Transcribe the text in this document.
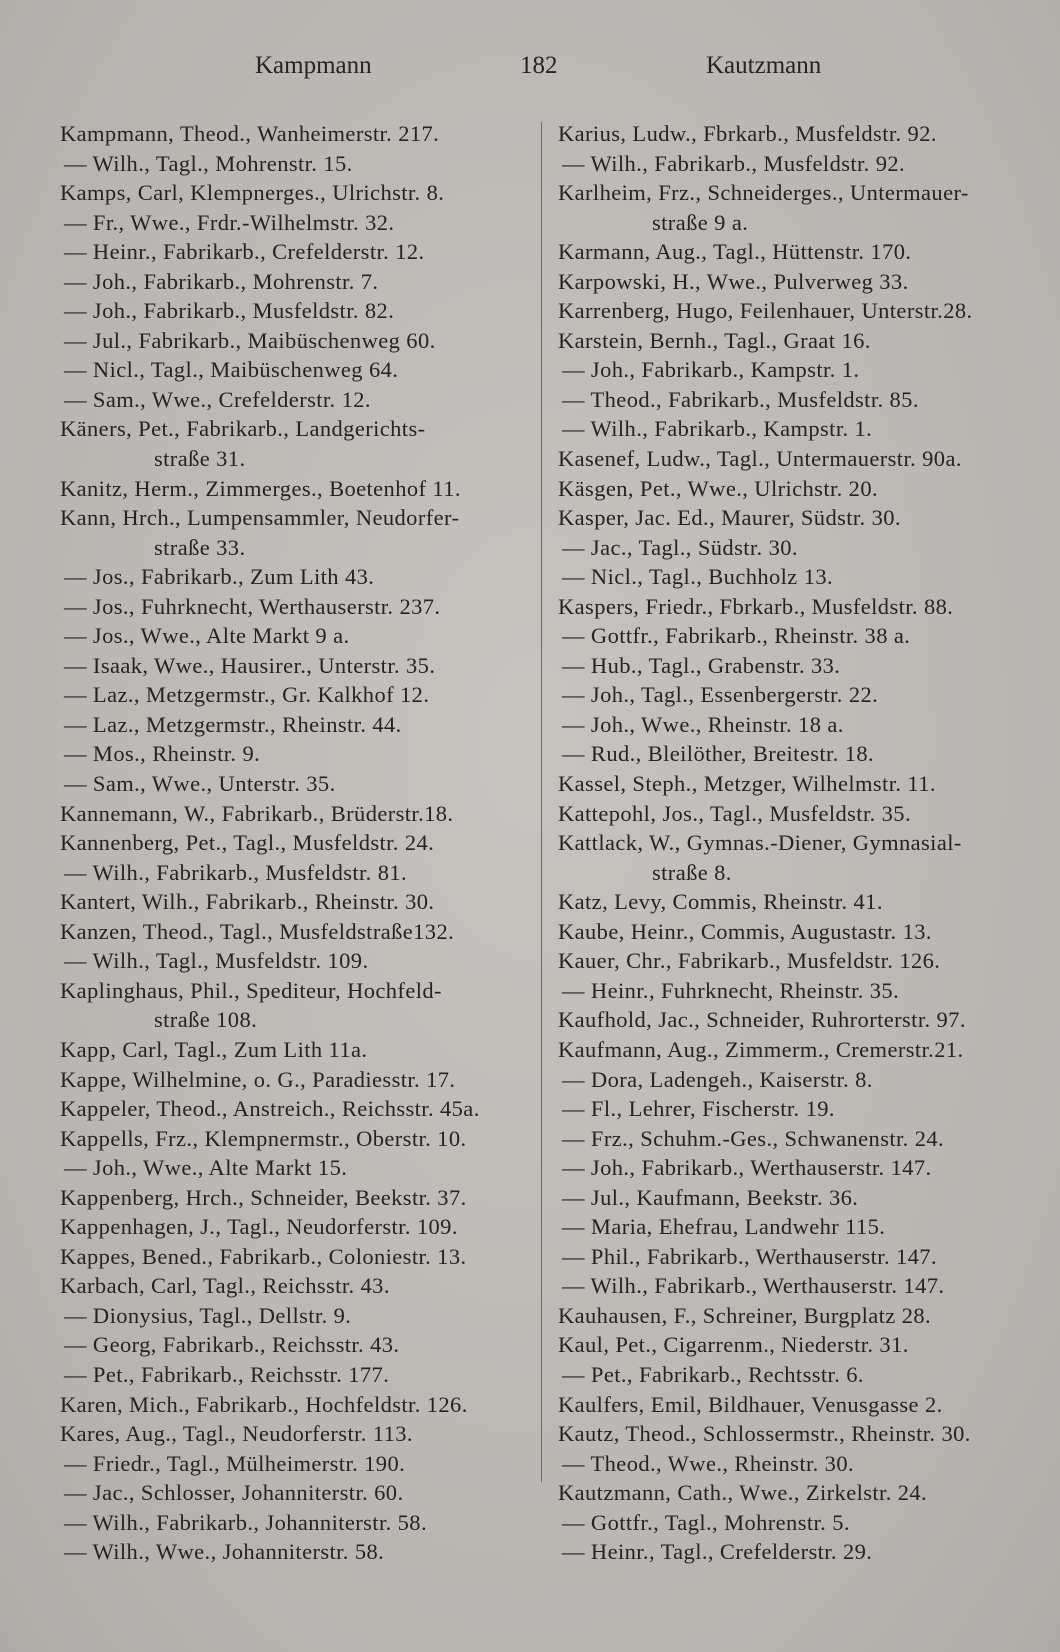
Kampmann	182	Kautzmann
Kampmann, Theod., Wanheimerstr. 217.
— Wilh., Tagl., Mohrenstr. 15.
Kamps, Carl, Klempnerges., Ulrichstr. 8.
— Fr., Wwe., Frdr.-Wilhelmstr. 32.
— Heinr., Fabrikarb., Crefelderstr. 12.
— Joh., Fabrikarb., Mohrenstr. 7.
— Joh., Fabrikarb., Musfeldstr. 82.
— Jul., Fabrikarb., Maibüschenweg 60.
— Nicl., Tagl., Maibüschenweg 64.
— Sam., Wwe., Crefelderstr. 12.
Käners, Pet., Fabrikarb., Landgerichts-
straße 31.
Kanitz, Herm., Zimmerges., Boetenhof 11.
Kann, Hrch., Lumpensammler, Neudorfer-
straße 33.
— Jos., Fabrikarb., Zum Lith 43.
— Jos., Fuhrknecht, Werthauserstr. 237.
— Jos., Wwe., Alte Markt 9 a.
— Isaak, Wwe., Hausirer., Unterstr. 35.
— Laz., Metzgermstr., Gr. Kalkhof 12.
— Laz., Metzgermstr., Rheinstr. 44.
— Mos., Rheinstr. 9.
— Sam., Wwe., Unterstr. 35.
Kannemann, W., Fabrikarb., Brüderstr.18.
Kannenberg, Pet., Tagl., Musfeldstr. 24.
— Wilh., Fabrikarb., Musfeldstr. 81.
Kantert, Wilh., Fabrikarb., Rheinstr. 30.
Kanzen, Theod., Tagl., Musfeldstraße132.
— Wilh., Tagl., Musfeldstr. 109.
Kaplinghaus, Phil., Spediteur, Hochfeld-
straße 108.
Kapp, Carl, Tagl., Zum Lith 11a.
Kappe, Wilhelmine, o. G., Paradiesstr. 17.
Kappeler, Theod., Anstreich., Reichsstr. 45a.
Kappells, Frz., Klempnermstr., Oberstr. 10.
— Joh., Wwe., Alte Markt 15.
Kappenberg, Hrch., Schneider, Beekstr. 37.
Kappenhagen, J., Tagl., Neudorferstr. 109.
Kappes, Bened., Fabrikarb., Coloniestr. 13.
Karbach, Carl, Tagl., Reichsstr. 43.
— Dionysius, Tagl., Dellstr. 9.
— Georg, Fabrikarb., Reichsstr. 43.
— Pet., Fabrikarb., Reichsstr. 177.
Karen, Mich., Fabrikarb., Hochfeldstr. 126.
Kares, Aug., Tagl., Neudorferstr. 113.
— Friedr., Tagl., Mülheimerstr. 190.
— Jac., Schlosser, Johanniterstr. 60.
— Wilh., Fabrikarb., Johanniterstr. 58.
— Wilh., Wwe., Johanniterstr. 58.
Karius, Ludw., Fbrkarb., Musfeldstr. 92.
— Wilh., Fabrikarb., Musfeldstr. 92.
Karlheim, Frz., Schneiderges., Untermauer-
straße 9 a.
Karmann, Aug., Tagl., Hüttenstr. 170.
Karpowski, H., Wwe., Pulverweg 33.
Karrenberg, Hugo, Feilenhauer, Unterstr.28.
Karstein, Bernh., Tagl., Graat 16.
— Joh., Fabrikarb., Kampstr. 1.
— Theod., Fabrikarb., Musfeldstr. 85.
— Wilh., Fabrikarb., Kampstr. 1.
Kasenef, Ludw., Tagl., Untermauerstr. 90a.
Käsgen, Pet., Wwe., Ulrichstr. 20.
Kasper, Jac. Ed., Maurer, Südstr. 30.
— Jac., Tagl., Südstr. 30.
— Nicl., Tagl., Buchholz 13.
Kaspers, Friedr., Fbrkarb., Musfeldstr. 88.
— Gottfr., Fabrikarb., Rheinstr. 38 a.
— Hub., Tagl., Grabenstr. 33.
— Joh., Tagl., Essenbergerstr. 22.
— Joh., Wwe., Rheinstr. 18 a.
— Rud., Bleilöther, Breitestr. 18.
Kassel, Steph., Metzger, Wilhelmstr. 11.
Kattepohl, Jos., Tagl., Musfeldstr. 35.
Kattlack, W., Gymnas.-Diener, Gymnasial-
straße 8.
Katz, Levy, Commis, Rheinstr. 41.
Kaube, Heinr., Commis, Augustastr. 13.
Kauer, Chr., Fabrikarb., Musfeldstr. 126.
— Heinr., Fuhrknecht, Rheinstr. 35.
Kaufhold, Jac., Schneider, Ruhrorterstr. 97.
Kaufmann, Aug., Zimmerm., Cremerstr.21.
— Dora, Ladengeh., Kaiserstr. 8.
— Fl., Lehrer, Fischerstr. 19.
— Frz., Schuhm.-Ges., Schwanenstr. 24.
— Joh., Fabrikarb., Werthauserstr. 147.
— Jul., Kaufmann, Beekstr. 36.
— Maria, Ehefrau, Landwehr 115.
— Phil., Fabrikarb., Werthauserstr. 147.
— Wilh., Fabrikarb., Werthauserstr. 147.
Kauhausen, F., Schreiner, Burgplatz 28.
Kaul, Pet., Cigarrenm., Niederstr. 31.
— Pet., Fabrikarb., Rechtsstr. 6.
Kaulfers, Emil, Bildhauer, Venusgasse 2.
Kautz, Theod., Schlossermstr., Rheinstr. 30.
— Theod., Wwe., Rheinstr. 30.
Kautzmann, Cath., Wwe., Zirkelstr. 24.
— Gottfr., Tagl., Mohrenstr. 5.
— Heinr., Tagl., Crefelderstr. 29.
